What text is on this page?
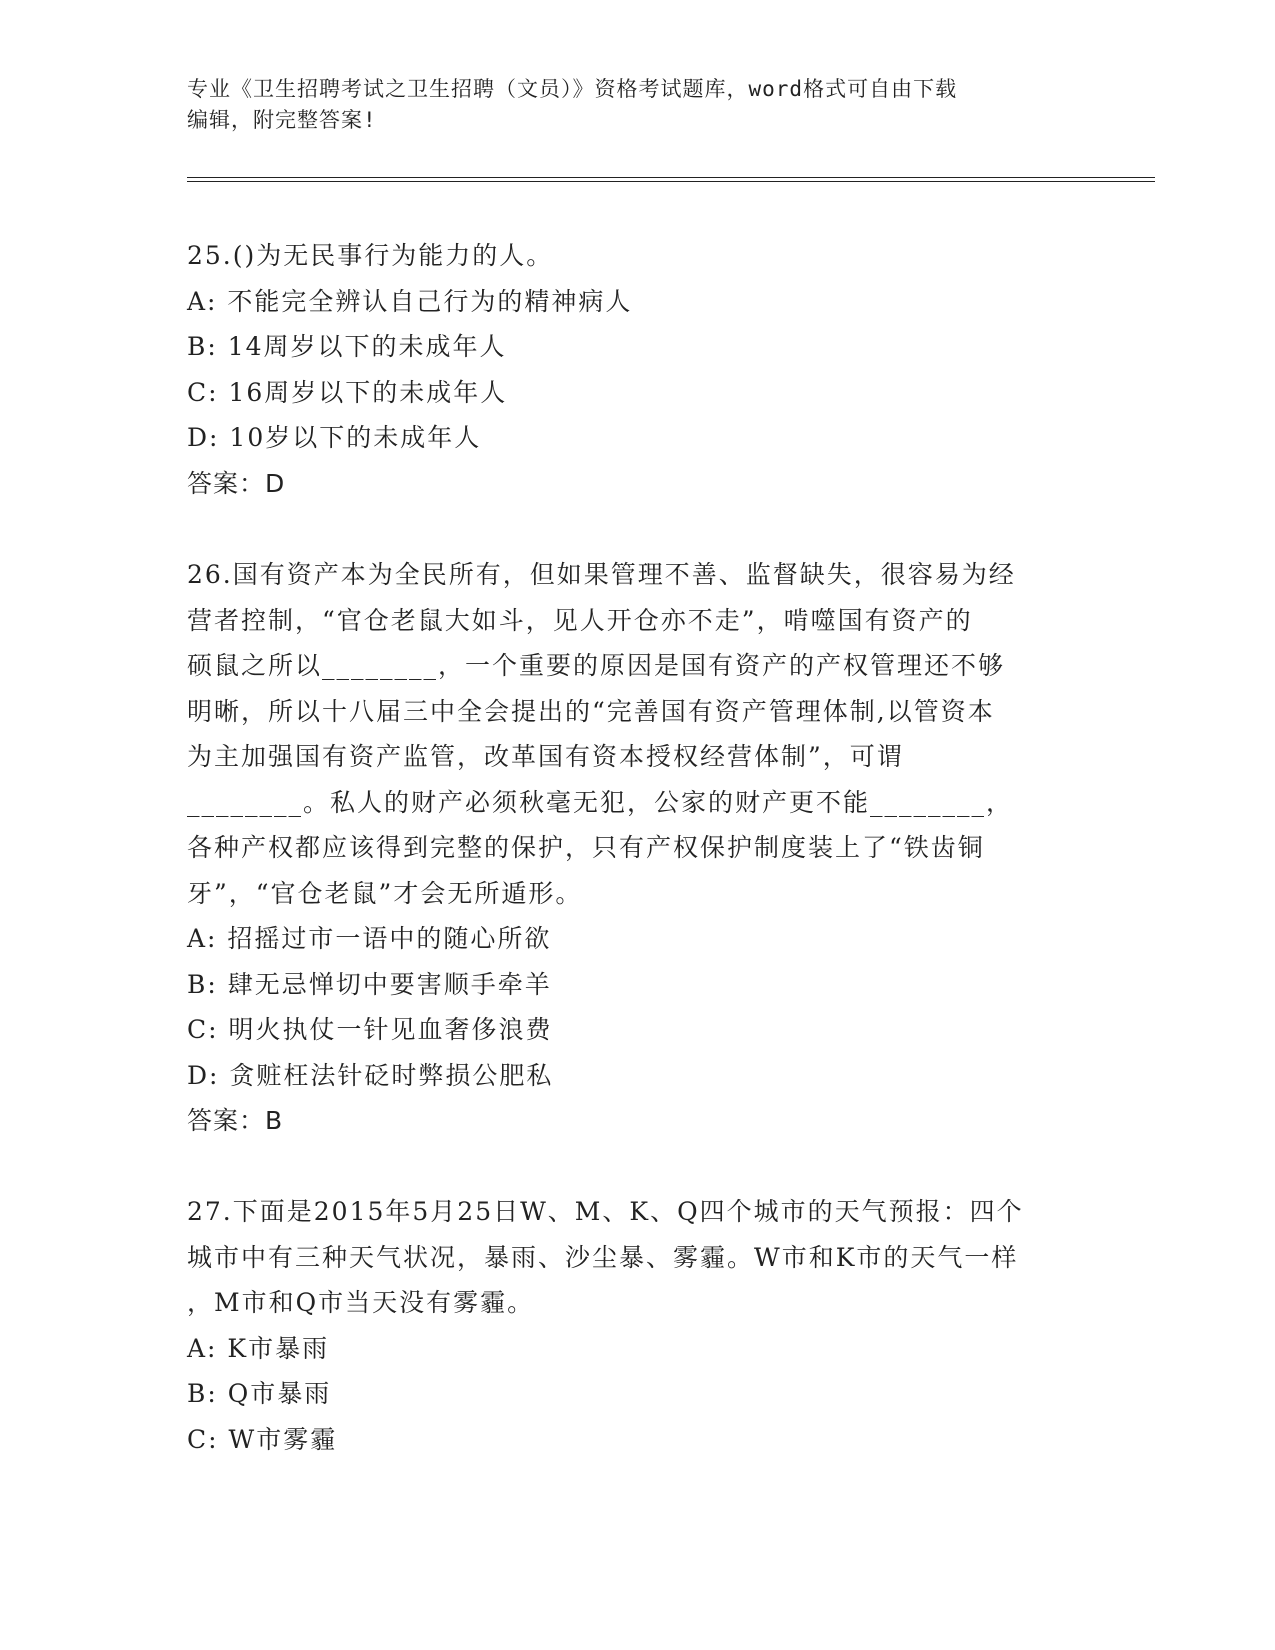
专业《卫生招聘考试之卫生招聘（文员）》资格考试题库，word格式可自由下载

编辑，附完整答案!

25.()为无民事行为能力的人。

A: 不能完全辨认自己行为的精神病人

B: 14周岁以下的未成年人

C: 16周岁以下的未成年人

D: 10岁以下的未成年人

答案：D

26.国有资产本为全民所有，但如果管理不善、监督缺失，很容易为经

营者控制，“官仓老鼠大如斗，见人开仓亦不走”，啃噬国有资产的

硕鼠之所以________，一个重要的原因是国有资产的产权管理还不够

明晰，所以十八届三中全会提出的“完善国有资产管理体制,以管资本

为主加强国有资产监管，改革国有资本授权经营体制”，可谓

________。私人的财产必须秋毫无犯，公家的财产更不能________，

各种产权都应该得到完整的保护，只有产权保护制度装上了“铁齿铜

牙”，“官仓老鼠”才会无所遁形。

A: 招摇过市一语中的随心所欲

B: 肆无忌惮切中要害顺手牵羊

C: 明火执仗一针见血奢侈浪费

D: 贪赃枉法针砭时弊损公肥私

答案：B

27.下面是2015年5月25日W、M、K、Q四个城市的天气预报：四个

城市中有三种天气状况，暴雨、沙尘暴、雾霾。W市和K市的天气一样

，M市和Q市当天没有雾霾。

A: K市暴雨

B: Q市暴雨

C: W市雾霾
